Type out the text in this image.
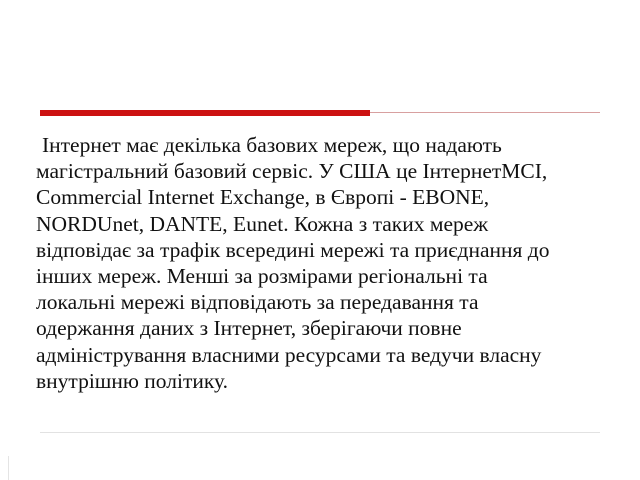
Інтернет має декілька базових мереж, що надають
магістральний базовий сервіс. У США це ІнтернетMCI,
Commercial Internet Exchange, в Європі - EBONE,
NORDUnet, DANTE, Eunet. Кожна з таких мереж
відповідає за трафік всередині мережі та приєднання до
інших мереж. Менші за розмірами регіональні та
локальні мережі відповідають за передавання та
одержання даних з Інтернет, зберігаючи повне
адміністрування власними ресурсами та ведучи власну
внутрішню політику.
